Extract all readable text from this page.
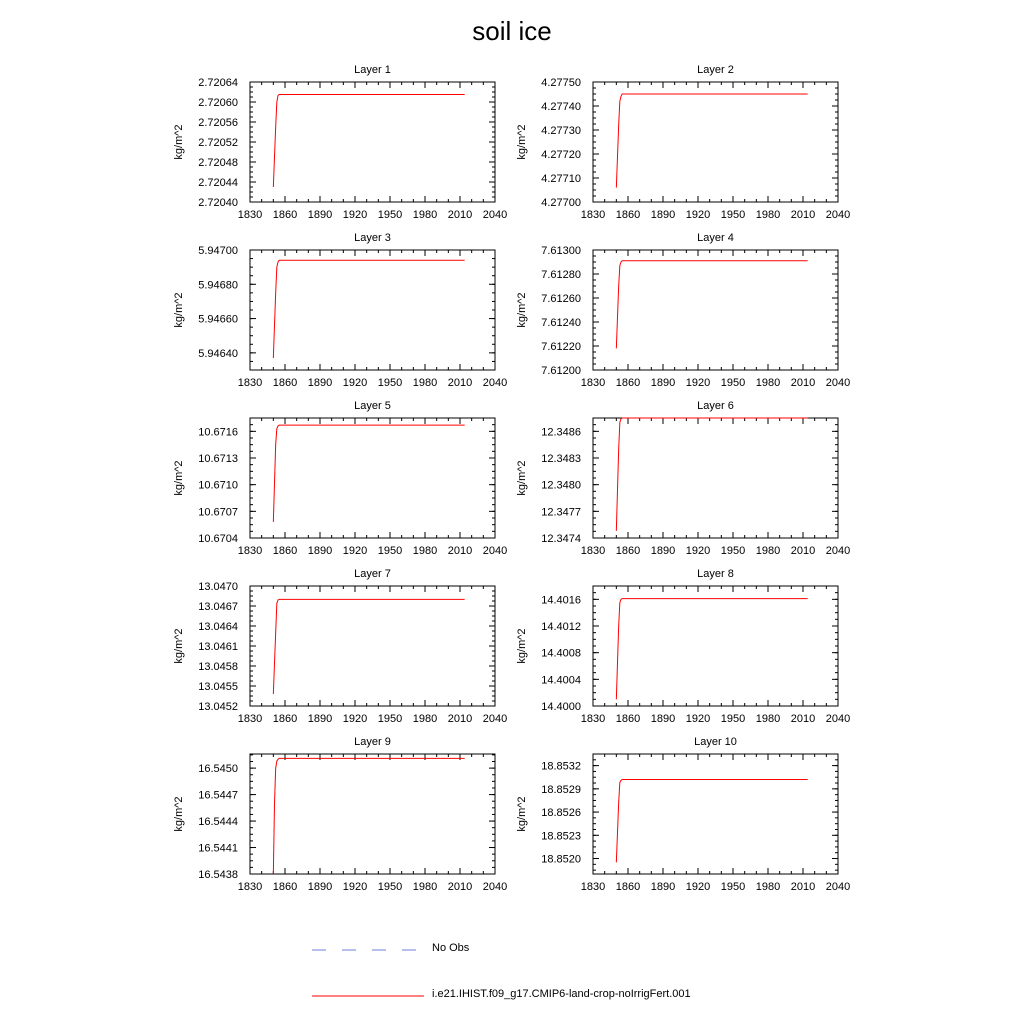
soil ice
Layer 1
kg/m^2
1830 1860 1890 1920 1950 1980 2010 2040
2.72040
2.72044
2.72048
2.72052
2.72056
2.72060
2.72064
Layer 2
kg/m^2
1830 1860 1890 1920 1950 1980 2010 2040
4.27700
4.27710
4.27720
4.27730
4.27740
4.27750
Layer 3
kg/m^2
1830 1860 1890 1920 1950 1980 2010 2040
5.94640
5.94660
5.94680
5.94700
Layer 4
kg/m^2
1830 1860 1890 1920 1950 1980 2010 2040
7.61200
7.61220
7.61240
7.61260
7.61280
7.61300
Layer 5
kg/m^2
1830 1860 1890 1920 1950 1980 2010 2040
10.6704
10.6707
10.6710
10.6713
10.6716
Layer 6
kg/m^2
1830 1860 1890 1920 1950 1980 2010 2040
12.3474
12.3477
12.3480
12.3483
12.3486
Layer 7
kg/m^2
1830 1860 1890 1920 1950 1980 2010 2040
13.0452
13.0455
13.0458
13.0461
13.0464
13.0467
13.0470
Layer 8
kg/m^2
1830 1860 1890 1920 1950 1980 2010 2040
14.4000
14.4004
14.4008
14.4012
14.4016
Layer 9
kg/m^2
1830 1860 1890 1920 1950 1980 2010 2040
16.5438
16.5441
16.5444
16.5447
16.5450
Layer 10
kg/m^2
1830 1860 1890 1920 1950 1980 2010 2040
18.8520
18.8523
18.8526
18.8529
18.8532
No Obs
i.e21.IHIST.f09_g17.CMIP6-land-crop-noIrrigFert.001
